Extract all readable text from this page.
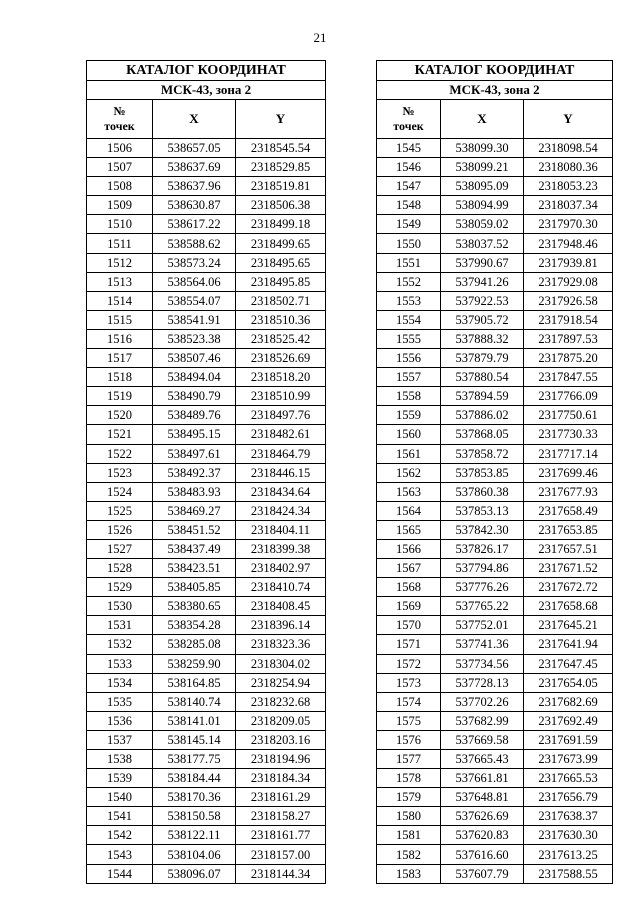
21
КАТАЛОГ КООРДИНАТ		
МСК-43, зона 2		
№
точек	X	Y
1506	538657.05	2318545.54
1507	538637.69	2318529.85
1508	538637.96	2318519.81
1509	538630.87	2318506.38
1510	538617.22	2318499.18
1511	538588.62	2318499.65
1512	538573.24	2318495.65
1513	538564.06	2318495.85
1514	538554.07	2318502.71
1515	538541.91	2318510.36
1516	538523.38	2318525.42
1517	538507.46	2318526.69
1518	538494.04	2318518.20
1519	538490.79	2318510.99
1520	538489.76	2318497.76
1521	538495.15	2318482.61
1522	538497.61	2318464.79
1523	538492.37	2318446.15
1524	538483.93	2318434.64
1525	538469.27	2318424.34
1526	538451.52	2318404.11
1527	538437.49	2318399.38
1528	538423.51	2318402.97
1529	538405.85	2318410.74
1530	538380.65	2318408.45
1531	538354.28	2318396.14
1532	538285.08	2318323.36
1533	538259.90	2318304.02
1534	538164.85	2318254.94
1535	538140.74	2318232.68
1536	538141.01	2318209.05
1537	538145.14	2318203.16
1538	538177.75	2318194.96
1539	538184.44	2318184.34
1540	538170.36	2318161.29
1541	538150.58	2318158.27
1542	538122.11	2318161.77
1543	538104.06	2318157.00
1544	538096.07	2318144.34
КАТАЛОГ КООРДИНАТ		
МСК-43, зона 2		
№
точек	X	Y
1545	538099.30	2318098.54
1546	538099.21	2318080.36
1547	538095.09	2318053.23
1548	538094.99	2318037.34
1549	538059.02	2317970.30
1550	538037.52	2317948.46
1551	537990.67	2317939.81
1552	537941.26	2317929.08
1553	537922.53	2317926.58
1554	537905.72	2317918.54
1555	537888.32	2317897.53
1556	537879.79	2317875.20
1557	537880.54	2317847.55
1558	537894.59	2317766.09
1559	537886.02	2317750.61
1560	537868.05	2317730.33
1561	537858.72	2317717.14
1562	537853.85	2317699.46
1563	537860.38	2317677.93
1564	537853.13	2317658.49
1565	537842.30	2317653.85
1566	537826.17	2317657.51
1567	537794.86	2317671.52
1568	537776.26	2317672.72
1569	537765.22	2317658.68
1570	537752.01	2317645.21
1571	537741.36	2317641.94
1572	537734.56	2317647.45
1573	537728.13	2317654.05
1574	537702.26	2317682.69
1575	537682.99	2317692.49
1576	537669.58	2317691.59
1577	537665.43	2317673.99
1578	537661.81	2317665.53
1579	537648.81	2317656.79
1580	537626.69	2317638.37
1581	537620.83	2317630.30
1582	537616.60	2317613.25
1583	537607.79	2317588.55
